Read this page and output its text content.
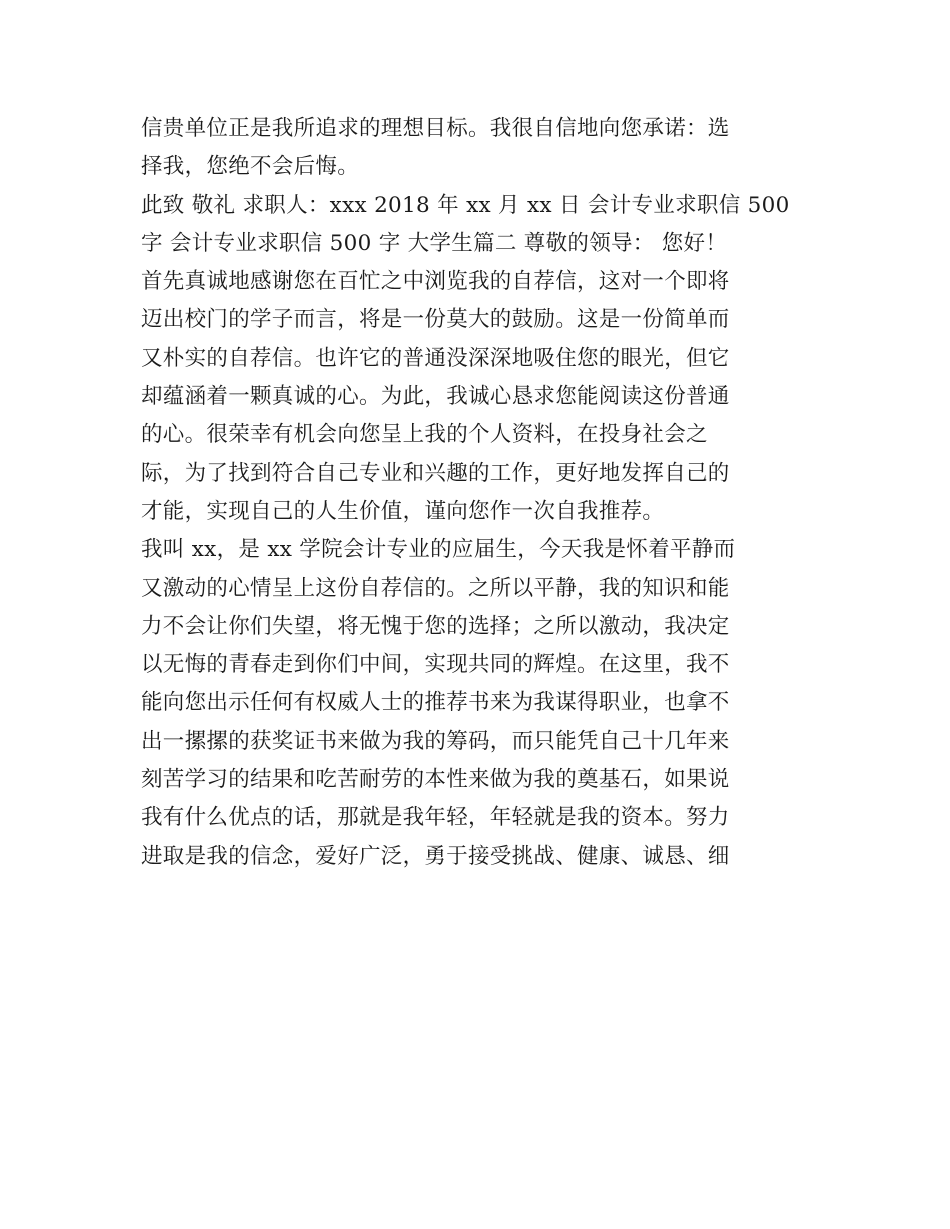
信贵单位正是我所追求的理想目标。我很自信地向您承诺：选
择我，您绝不会后悔。
此致 敬礼 求职人：xxx 2018 年 xx 月 xx 日 会计专业求职信 500
字 会计专业求职信 500 字 大学生篇二 尊敬的领导： 您好！
首先真诚地感谢您在百忙之中浏览我的自荐信，这对一个即将
迈出校门的学子而言，将是一份莫大的鼓励。这是一份简单而
又朴实的自荐信。也许它的普通没深深地吸住您的眼光，但它
却蕴涵着一颗真诚的心。为此，我诚心恳求您能阅读这份普通
的心。很荣幸有机会向您呈上我的个人资料，在投身社会之
际，为了找到符合自己专业和兴趣的工作，更好地发挥自己的
才能，实现自己的人生价值，谨向您作一次自我推荐。
我叫 xx，是 xx 学院会计专业的应届生，今天我是怀着平静而
又激动的心情呈上这份自荐信的。之所以平静，我的知识和能
力不会让你们失望，将无愧于您的选择；之所以激动，我决定
以无悔的青春走到你们中间，实现共同的辉煌。在这里，我不
能向您出示任何有权威人士的推荐书来为我谋得职业，也拿不
出一摞摞的获奖证书来做为我的筹码，而只能凭自己十几年来
刻苦学习的结果和吃苦耐劳的本性来做为我的奠基石，如果说
我有什么优点的话，那就是我年轻，年轻就是我的资本。努力
进取是我的信念，爱好广泛，勇于接受挑战、健康、诚恳、细
